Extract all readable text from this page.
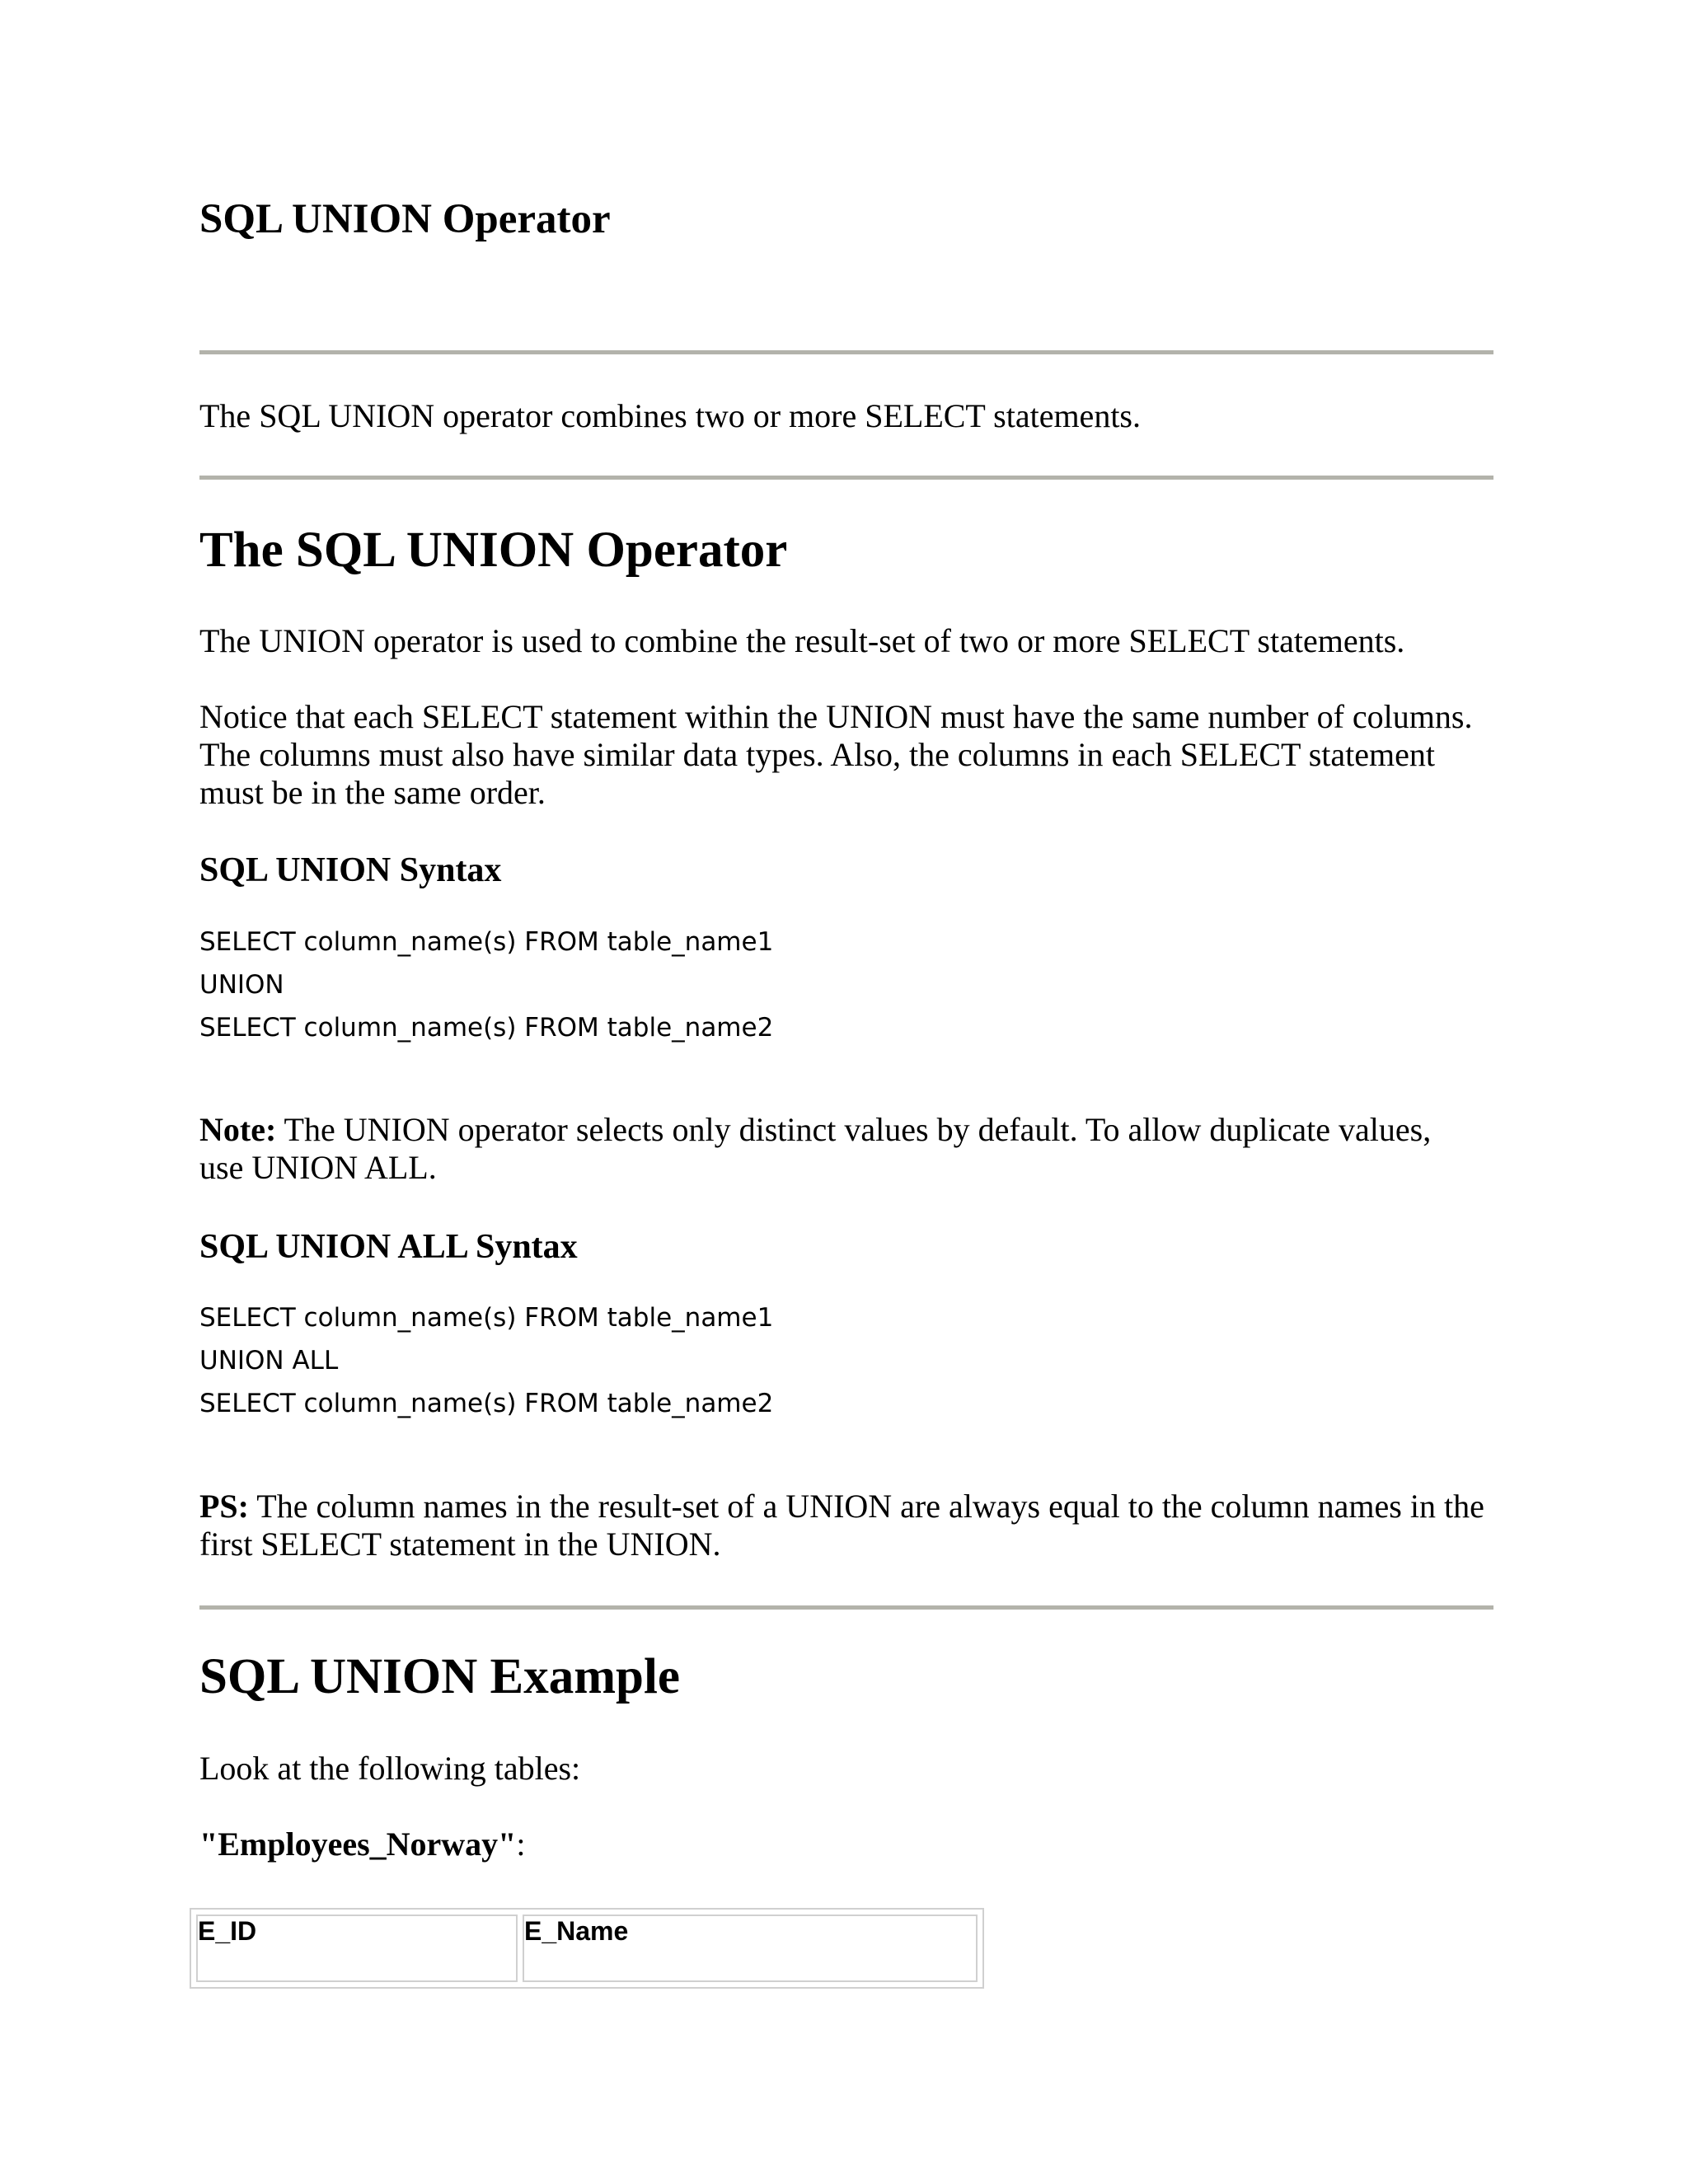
SQL UNION Operator

The SQL UNION operator combines two or more SELECT statements.

The SQL UNION Operator

The UNION operator is used to combine the result-set of two or more SELECT statements.

Notice that each SELECT statement within the UNION must have the same number of columns.
The columns must also have similar data types. Also, the columns in each SELECT statement
must be in the same order.
SQL UNION Syntax
SELECT column_name(s) FROM table_name1
UNION
SELECT column_name(s) FROM table_name2
Note: The UNION operator selects only distinct values by default. To allow duplicate values,
use UNION ALL.
SQL UNION ALL Syntax
SELECT column_name(s) FROM table_name1
UNION ALL
SELECT column_name(s) FROM table_name2
PS: The column names in the result-set of a UNION are always equal to the column names in the
first SELECT statement in the UNION.
SQL UNION Example

Look at the following tables:

"Employees_Norway":

E_ID	E_Name
